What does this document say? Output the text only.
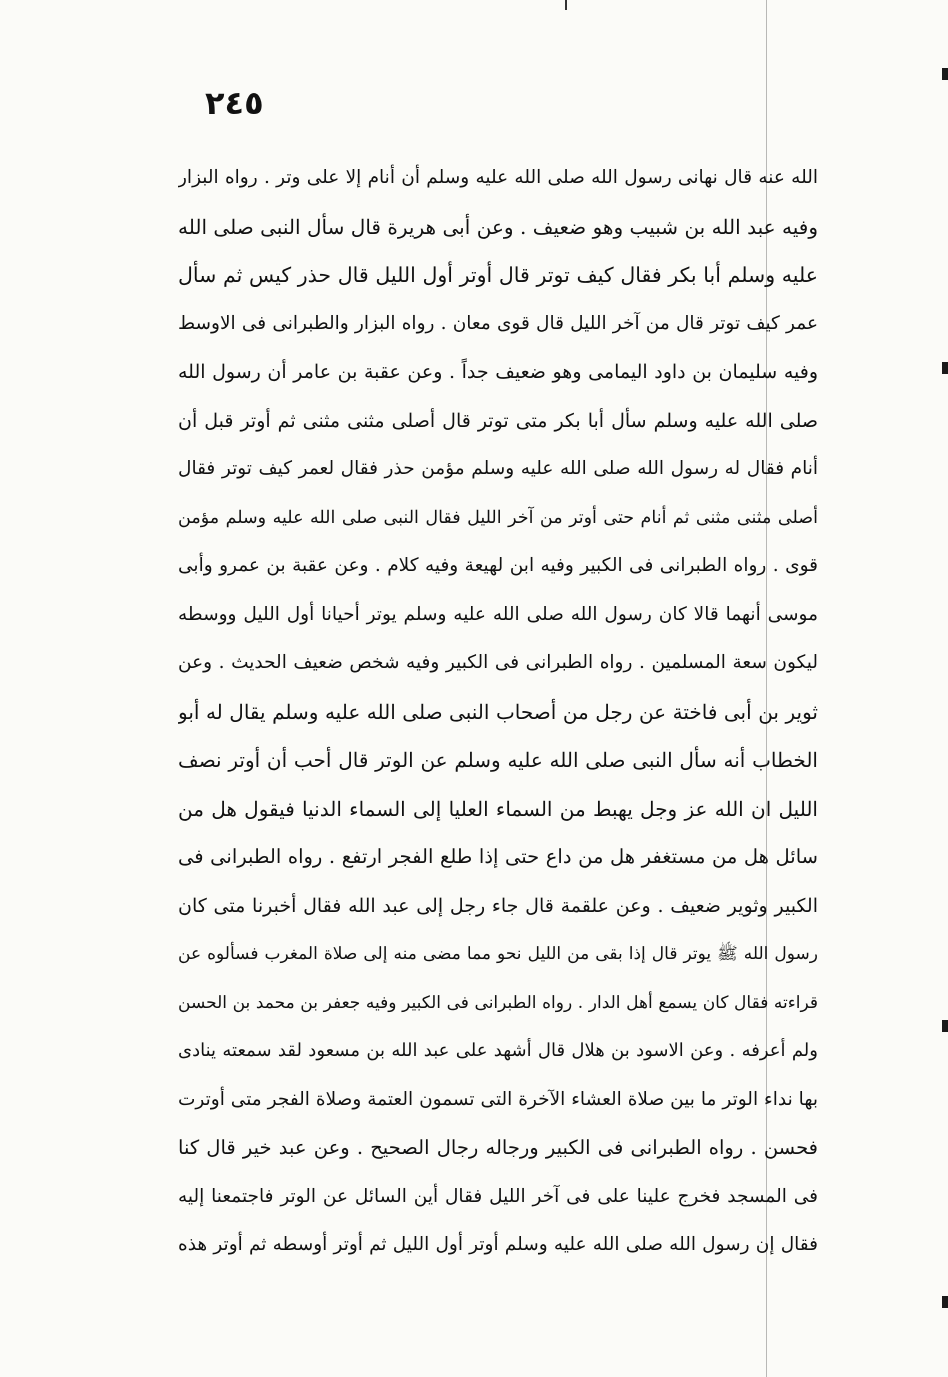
٢٤٥
الله عنه قال نهانى رسول الله صلى الله عليه وسلم أن أنام إلا على وتر . رواه البزار
وفيه عبد الله بن شبيب وهو ضعيف . وعن أبى هريرة قال سأل النبى صلى الله
عليه وسلم أبا بكر فقال كيف توتر قال أوتر أول الليل قال حذر كيس ثم سأل
عمر كيف توتر قال من آخر الليل قال قوى معان . رواه البزار والطبرانى فى الاوسط
وفيه سليمان بن داود اليمامى وهو ضعيف جداً . وعن عقبة بن عامر أن رسول الله
صلى الله عليه وسلم سأل أبا بكر متى توتر قال أصلى مثنى مثنى ثم أوتر قبل أن
أنام فقال له رسول الله صلى الله عليه وسلم مؤمن حذر فقال لعمر كيف توتر فقال
أصلى مثنى مثنى ثم أنام حتى أوتر من آخر الليل فقال النبى صلى الله عليه وسلم مؤمن
قوى . رواه الطبرانى فى الكبير وفيه ابن لهيعة وفيه كلام . وعن عقبة بن عمرو وأبى
موسى أنهما قالا كان رسول الله صلى الله عليه وسلم يوتر أحيانا أول الليل ووسطه
ليكون سعة المسلمين . رواه الطبرانى فى الكبير وفيه شخص ضعيف الحديث . وعن
ثوير بن أبى فاختة عن رجل من أصحاب النبى صلى الله عليه وسلم يقال له أبو
الخطاب أنه سأل النبى صلى الله عليه وسلم عن الوتر قال أحب أن أوتر نصف
الليل ان الله عز وجل يهبط من السماء العليا إلى السماء الدنيا فيقول هل من
سائل هل من مستغفر هل من داع حتى إذا طلع الفجر ارتفع . رواه الطبرانى فى
الكبير وثوير ضعيف . وعن علقمة قال جاء رجل إلى عبد الله فقال أخبرنا متى كان
رسول الله ﷺ يوتر قال إذا بقى من الليل نحو مما مضى منه إلى صلاة المغرب فسألوه عن
قراءته فقال كان يسمع أهل الدار . رواه الطبرانى فى الكبير وفيه جعفر بن محمد بن الحسن
ولم أعرفه . وعن الاسود بن هلال قال أشهد على عبد الله بن مسعود لقد سمعته ينادى
بها نداء الوتر ما بين صلاة العشاء الآخرة التى تسمون العتمة وصلاة الفجر متى أوترت
فحسن . رواه الطبرانى فى الكبير ورجاله رجال الصحيح . وعن عبد خير قال كنا
فى المسجد فخرج علينا على فى آخر الليل فقال أين السائل عن الوتر فاجتمعنا إليه
فقال إن رسول الله صلى الله عليه وسلم أوتر أول الليل ثم أوتر أوسطه ثم أوتر هذه
